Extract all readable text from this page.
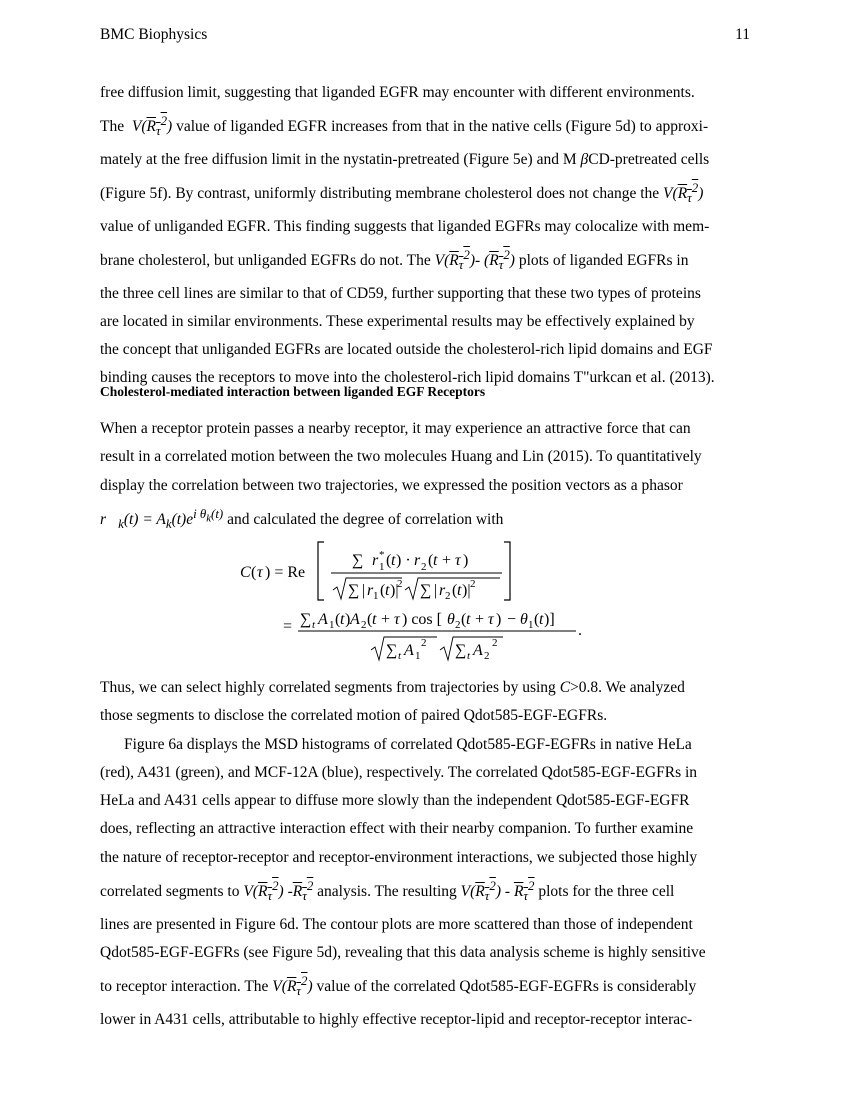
BMC Biophysics	11

free diffusion limit, suggesting that liganded EGFR may encounter with different environments.

The $V(R_\tau^2)$ value of liganded EGFR increases from that in the native cells (Figure 5d) to approxi-

mately at the free diffusion limit in the nystatin-pretreated (Figure 5e) and M βCD-pretreated cells

(Figure 5f). By contrast, uniformly distributing membrane cholesterol does not change the $V(R_\tau^2)$

value of unliganded EGFR. This finding suggests that liganded EGFRs may colocalize with mem-

brane cholesterol, but unliganded EGFRs do not. The $V(R_\tau^2)-$ $(R_\tau^2)$ plots of liganded EGFRs in

the three cell lines are similar to that of CD59, further supporting that these two types of proteins

are located in similar environments. These experimental results may be effectively explained by

the concept that unliganded EGFRs are located outside the cholesterol-rich lipid domains and EGF

binding causes the receptors to move into the cholesterol-rich lipid domains T"urkcan et al. (2013).

Cholesterol-mediated interaction between liganded EGF Receptors

When a receptor protein passes a nearby receptor, it may experience an attractive force that can

result in a correlated motion between the two molecules Huang and Lin (2015). To quantitatively

display the correlation between two trajectories, we expressed the position vectors as a phasor

$r⃗_k(t) = A_k(t)e^{i \theta_k(t)}$ and calculated the degree of correlation with

C ( τ ) = Re
∑ r 1
* ( t ) · r 2 ( t + τ )
∑ | r 1 ( t )|
2 ∑ | r 2 ( t )| 2
= ∑ t A 1 ( t ) A 2 ( t + τ ) cos [ θ 2 ( t + τ ) − θ 1 ( t )]
.
∑ t A 1
2 ∑ t A 2
2

Thus, we can select highly correlated segments from trajectories by using C>0.8. We analyzed

those segments to disclose the correlated motion of paired Qdot585-EGF-EGFRs.

Figure 6a displays the MSD histograms of correlated Qdot585-EGF-EGFRs in native HeLa

(red), A431 (green), and MCF-12A (blue), respectively. The correlated Qdot585-EGF-EGFRs in

HeLa and A431 cells appear to diffuse more slowly than the independent Qdot585-EGF-EGFR

does, reflecting an attractive interaction effect with their nearby companion. To further examine

the nature of receptor-receptor and receptor-environment interactions, we subjected those highly

correlated segments to $V(R_\tau^2)$ $-R_\tau^2$ analysis. The resulting $V(R_\tau^2) - R_\tau^2$ plots for the three cell

lines are presented in Figure 6d. The contour plots are more scattered than those of independent

Qdot585-EGF-EGFRs (see Figure 5d), revealing that this data analysis scheme is highly sensitive

to receptor interaction. The $V(R_\tau^2)$ value of the correlated Qdot585-EGF-EGFRs is considerably

lower in A431 cells, attributable to highly effective receptor-lipid and receptor-receptor interac-
